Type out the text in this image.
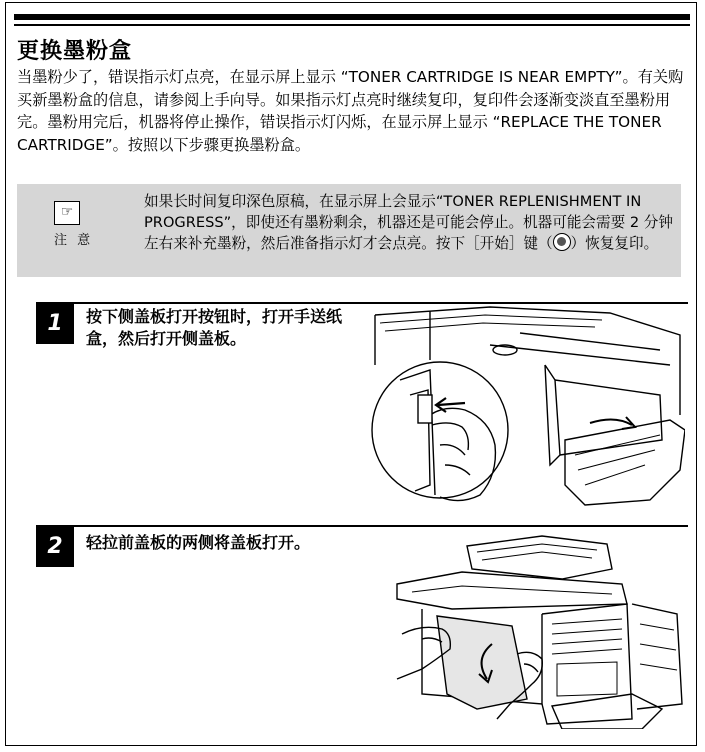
更换墨粉盒
当墨粉少了，错误指示灯点亮，在显示屏上显示 “TONER CARTRIDGE IS NEAR EMPTY”。有关购买新墨粉盒的信息，请参阅上手向导。如果指示灯点亮时继续复印，复印件会逐渐变淡直至墨粉用完。墨粉用完后，机器将停止操作，错误指示灯闪烁，在显示屏上显示 “REPLACE THE TONER CARTRIDGE”。按照以下步骤更换墨粉盒。
☞
注 意
如果长时间复印深色原稿，在显示屏上会显示“TONER REPLENISHMENT IN PROGRESS”，即使还有墨粉剩余，机器还是可能会停止。机器可能会需要 2 分钟左右来补充墨粉，然后准备指示灯才会点亮。按下［开始］键（ ）恢复复印。
1	按下侧盖板打开按钮时，打开手送纸盒，然后打开侧盖板。
2	轻拉前盖板的两侧将盖板打开。
